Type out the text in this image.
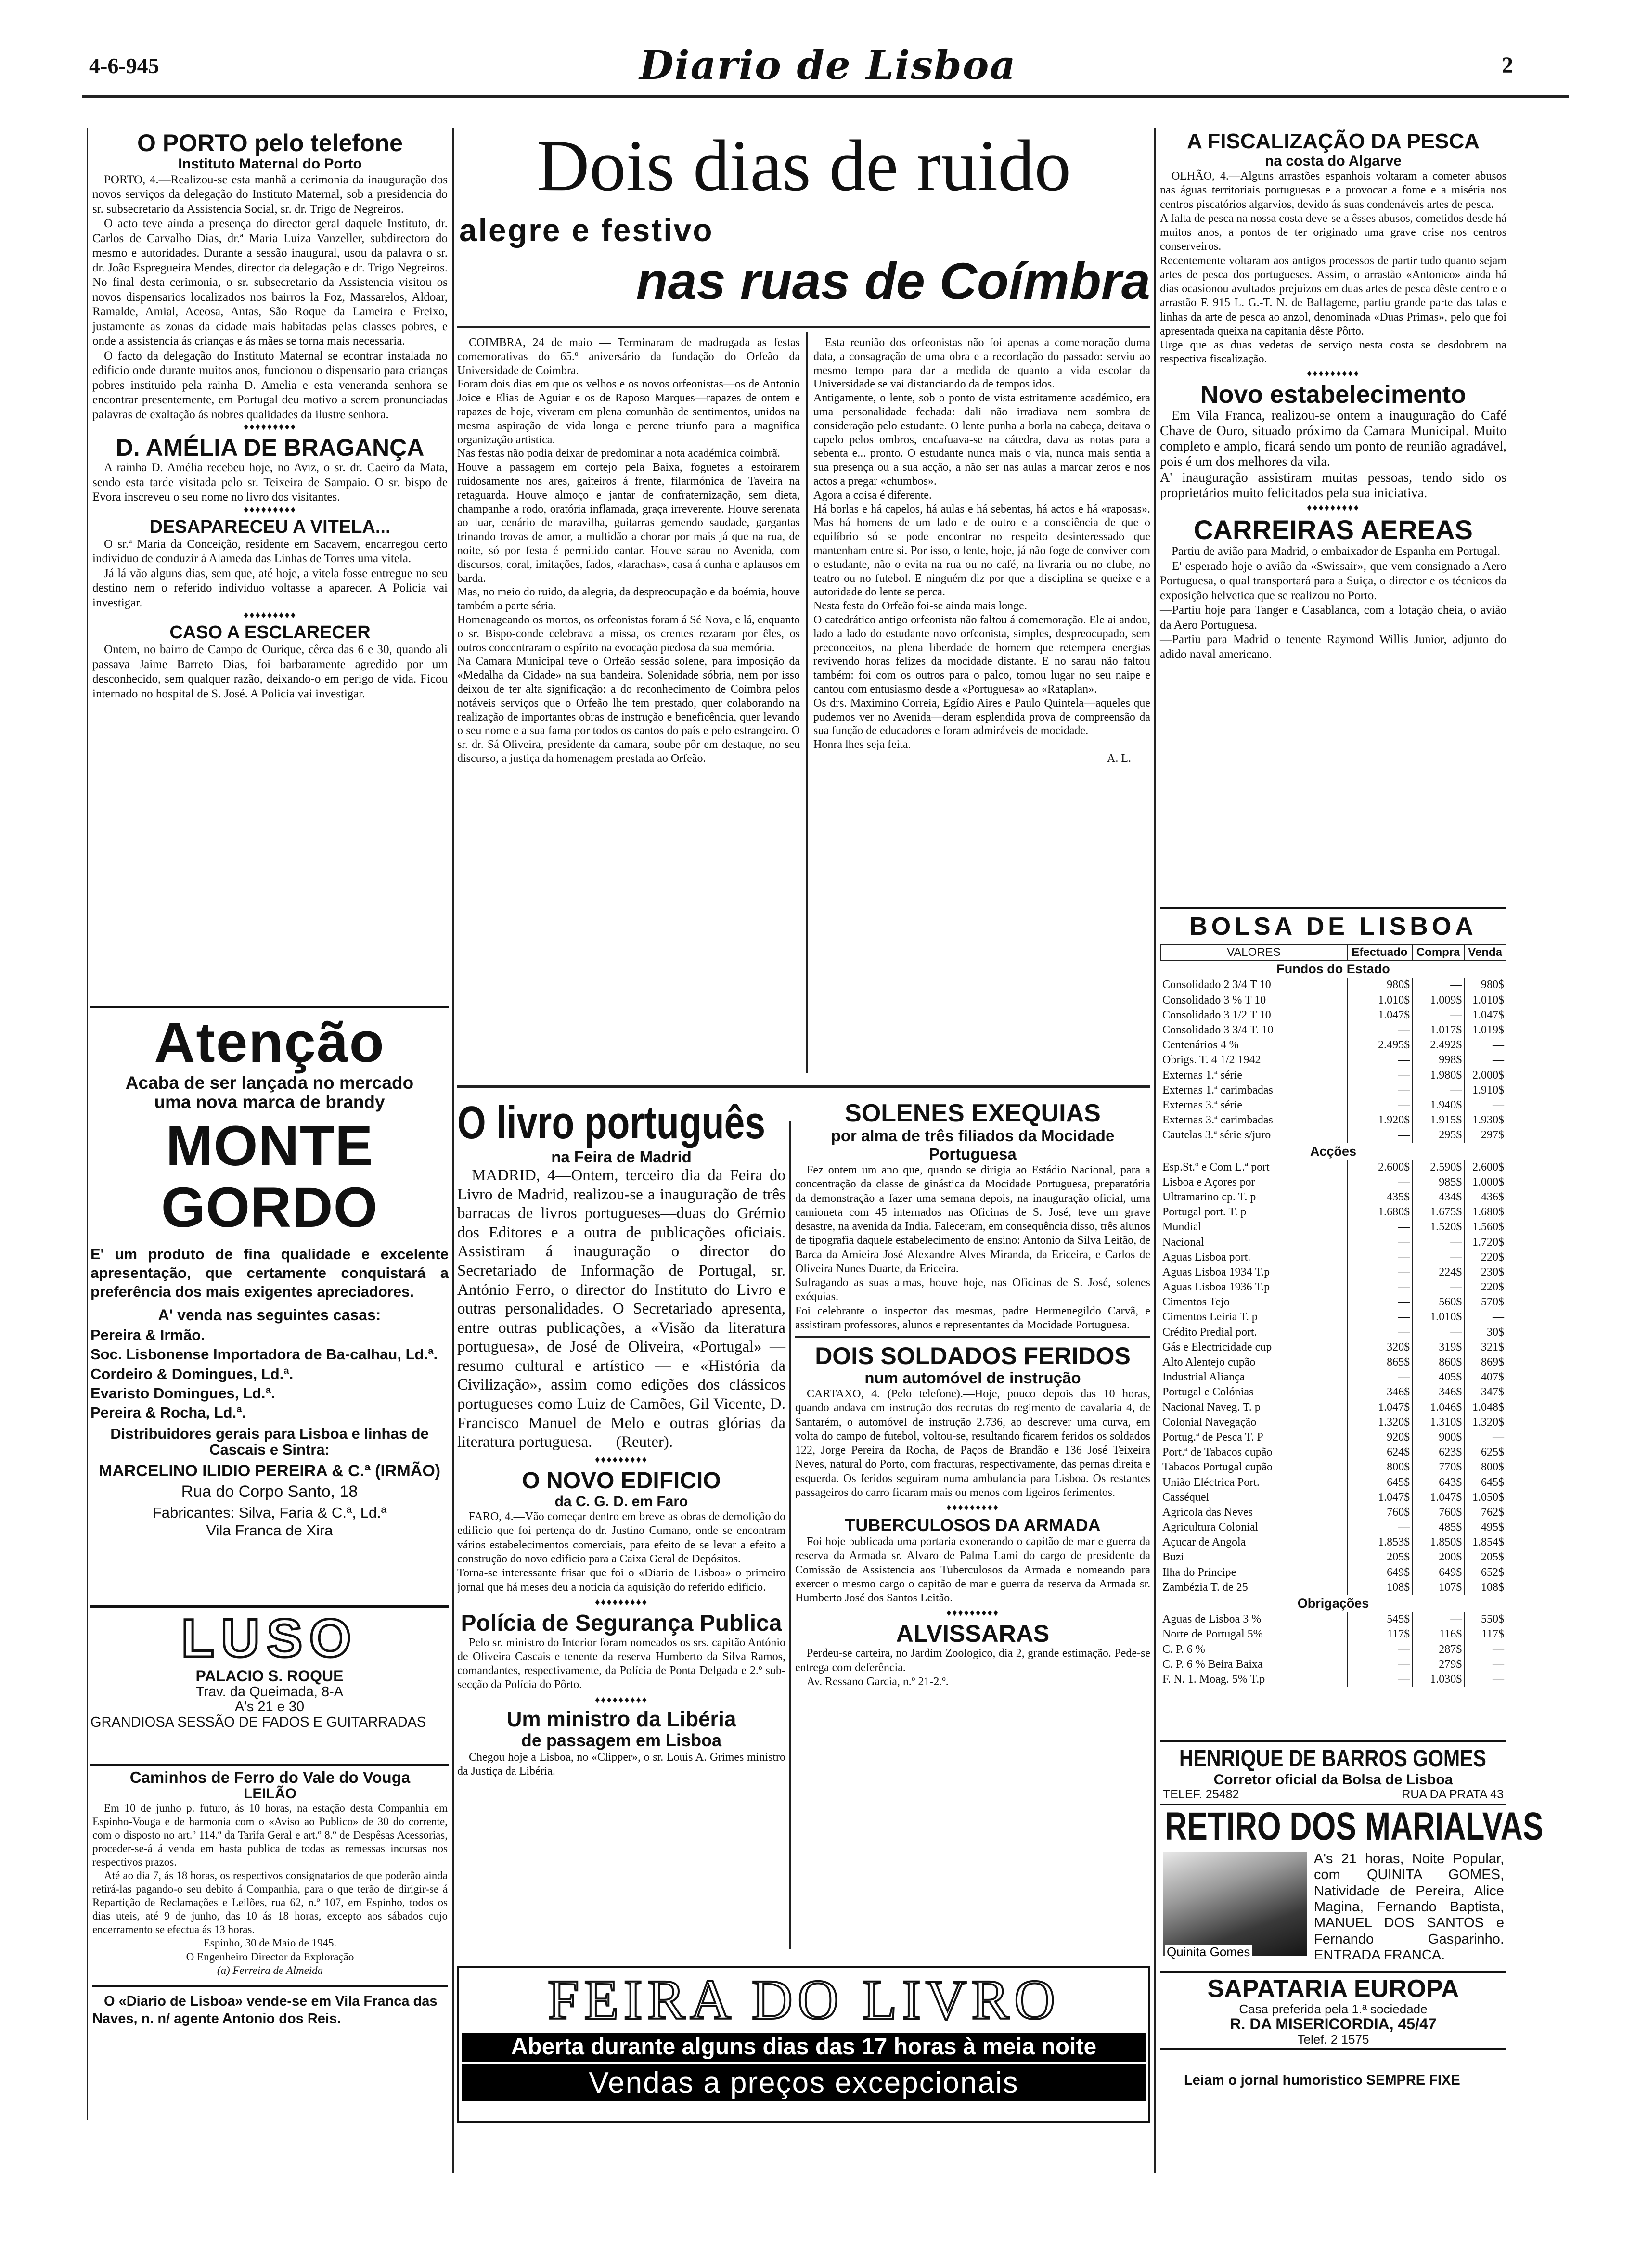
4-6-945	Diario de Lisboa	2
O PORTO pelo telefone
Instituto Maternal do Porto
PORTO, 4.—Realizou-se esta manhã a cerimonia da inauguração dos novos serviços da delegação do Instituto Maternal, sob a presidencia do sr. subsecretario da Assistencia Social, sr. dr. Trigo de Negreiros.
O acto teve ainda a presença do director geral daquele Instituto, dr. Carlos de Carvalho Dias, dr.ª Maria Luiza Vanzeller, subdirectora do mesmo e autoridades. Durante a sessão inaugural, usou da palavra o sr. dr. João Espregueira Mendes, director da delegação e dr. Trigo Negreiros. No final desta cerimonia, o sr. subsecretario da Assistencia visitou os novos dispensarios localizados nos bairros la Foz, Massarelos, Aldoar, Ramalde, Amial, Aceosa, Antas, São Roque da Lameira e Freixo, justamente as zonas da cidade mais habitadas pelas classes pobres, e onde a assistencia ás crianças e ás mães se torna mais necessaria.
O facto da delegação do Instituto Maternal se econtrar instalada no edificio onde durante muitos anos, funcionou o dispensario para crianças pobres instituido pela rainha D. Amelia e esta veneranda senhora se encontrar presentemente, em Portugal deu motivo a serem pronunciadas palavras de exaltação ás nobres qualidades da ilustre senhora.
♦♦♦♦♦♦♦♦♦
D. AMÉLIA DE BRAGANÇA
A rainha D. Amélia recebeu hoje, no Aviz, o sr. dr. Caeiro da Mata, sendo esta tarde visitada pelo sr. Teixeira de Sampaio. O sr. bispo de Evora inscreveu o seu nome no livro dos visitantes.
♦♦♦♦♦♦♦♦♦
DESAPARECEU A VITELA...
O sr.ª Maria da Conceição, residente em Sacavem, encarregou certo individuo de conduzir á Alameda das Linhas de Torres uma vitela.
Já lá vão alguns dias, sem que, até hoje, a vitela fosse entregue no seu destino nem o referido individuo voltasse a aparecer. A Policia vai investigar.
♦♦♦♦♦♦♦♦♦
CASO A ESCLARECER
Ontem, no bairro de Campo de Ourique, cêrca das 6 e 30, quando ali passava Jaime Barreto Dias, foi barbaramente agredido por um desconhecido, sem qualquer razão, deixando-o em perigo de vida. Ficou internado no hospital de S. José. A Policia vai investigar.
Atenção
Acaba de ser lançada no mercado
uma nova marca de brandy
MONTE GORDO
E' um produto de fina qualidade e excelente apresentação, que certamente conquistará a preferência dos mais exigentes apreciadores.
A' venda nas seguintes casas:
Pereira & Irmão.
Soc. Lisbonense Importadora de Ba-calhau, Ld.ª.
Cordeiro & Domingues, Ld.ª.
Evaristo Domingues, Ld.ª.
Pereira & Rocha, Ld.ª.
Distribuidores gerais para Lisboa e linhas de Cascais e Sintra:
MARCELINO ILIDIO PEREIRA & C.ª (IRMÃO)
Rua do Corpo Santo, 18
Fabricantes: Silva, Faria & C.ª, Ld.ª
Vila Franca de Xira
LUSO
PALACIO S. ROQUE
Trav. da Queimada, 8-A
A's 21 e 30
GRANDIOSA SESSÃO DE FADOS E GUITARRADAS
Caminhos de Ferro do Vale do Vouga
LEILÃO
Em 10 de junho p. futuro, ás 10 horas, na estação desta Companhia em Espinho-Vouga e de harmonia com o «Aviso ao Publico» de 30 do corrente, com o disposto no art.º 114.º da Tarifa Geral e art.º 8.º de Despêsas Acessorias, proceder-se-á á venda em hasta publica de todas as remessas incursas nos respectivos prazos.
Até ao dia 7, ás 18 horas, os respectivos consignatarios de que poderão ainda retirá-las pagando-o seu debito á Companhia, para o que terão de dirigir-se á Repartição de Reclamações e Leilões, rua 62, n.º 107, em Espinho, todos os dias uteis, até 9 de junho, das 10 ás 18 horas, excepto aos sábados cujo encerramento se efectua ás 13 horas.
Espinho, 30 de Maio de 1945.
O Engenheiro Director da Exploração
(a) Ferreira de Almeida
O «Diario de Lisboa» vende-se em Vila Franca das Naves, n. n/ agente Antonio dos Reis.
Dois dias de ruido
alegre e festivo
nas ruas de Coímbra
COIMBRA, 24 de maio — Terminaram de madrugada as festas comemorativas do 65.º aniversário da fundação do Orfeão da Universidade de Coimbra.
Foram dois dias em que os velhos e os novos orfeonistas—os de Antonio Joice e Elias de Aguiar e os de Raposo Marques—rapazes de ontem e rapazes de hoje, viveram em plena comunhão de sentimentos, unidos na mesma aspiração de vida longa e perene triunfo para a magnifica organização artistica.
Nas festas não podia deixar de predominar a nota académica coimbrã.
Houve a passagem em cortejo pela Baixa, foguetes a estoirarem ruidosamente nos ares, gaiteiros á frente, filarmónica de Taveira na retaguarda. Houve almoço e jantar de confraternização, sem dieta, champanhe a rodo, oratória inflamada, graça irreverente. Houve serenata ao luar, cenário de maravilha, guitarras gemendo saudade, gargantas trinando trovas de amor, a multidão a chorar por mais já que na rua, de noite, só por festa é permitido cantar. Houve sarau no Avenida, com discursos, coral, imitações, fados, «larachas», casa á cunha e aplausos em barda.
Mas, no meio do ruido, da alegria, da despreocupação e da boémia, houve também a parte séria.
Homenageando os mortos, os orfeonistas foram á Sé Nova, e lá, enquanto o sr. Bispo-conde celebrava a missa, os crentes rezaram por êles, os outros concentraram o espírito na evocação piedosa da sua memória.
Na Camara Municipal teve o Orfeão sessão solene, para imposição da «Medalha da Cidade» na sua bandeira. Solenidade sóbria, nem por isso deixou de ter alta significação: a do reconhecimento de Coimbra pelos notáveis serviços que o Orfeão lhe tem prestado, quer colaborando na realização de importantes obras de instrução e beneficência, quer levando o seu nome e a sua fama por todos os cantos do país e pelo estrangeiro. O sr. dr. Sá Oliveira, presidente da camara, soube pôr em destaque, no seu discurso, a justiça da homenagem prestada ao Orfeão.
Esta reunião dos orfeonistas não foi apenas a comemoração duma data, a consagração de uma obra e a recordação do passado: serviu ao mesmo tempo para dar a medida de quanto a vida escolar da Universidade se vai distanciando da de tempos idos.
Antigamente, o lente, sob o ponto de vista estritamente académico, era uma personalidade fechada: dali não irradiava nem sombra de consideração pelo estudante. O lente punha a borla na cabeça, deitava o capelo pelos ombros, encafuava-se na cátedra, dava as notas para a sebenta e... pronto. O estudante nunca mais o via, nunca mais sentia a sua presença ou a sua acção, a não ser nas aulas a marcar zeros e nos actos a pregar «chumbos».
Agora a coisa é diferente.
Há borlas e há capelos, há aulas e há sebentas, há actos e há «raposas». Mas há homens de um lado e de outro e a consciência de que o equilíbrio só se pode encontrar no respeito desinteressado que mantenham entre si. Por isso, o lente, hoje, já não foge de conviver com o estudante, não o evita na rua ou no café, na livraria ou no clube, no teatro ou no futebol. E ninguém diz por que a disciplina se queixe e a autoridade do lente se perca.
Nesta festa do Orfeão foi-se ainda mais longe.
O catedrático antigo orfeonista não faltou á comemoração. Ele ai andou, lado a lado do estudante novo orfeonista, simples, despreocupado, sem preconceitos, na plena liberdade de homem que retempera energias revivendo horas felizes da mocidade distante. E no sarau não faltou também: foi com os outros para o palco, tomou lugar no seu naipe e cantou com entusiasmo desde a «Portuguesa» ao «Rataplan».
Os drs. Maximino Correia, Egídio Aires e Paulo Quintela—aqueles que pudemos ver no Avenida—deram esplendida prova de compreensão da sua função de educadores e foram admiráveis de mocidade.
Honra lhes seja feita.
A. L.
O livro português
na Feira de Madrid
MADRID, 4—Ontem, terceiro dia da Feira do Livro de Madrid, realizou-se a inauguração de três barracas de livros portugueses—duas do Grémio dos Editores e a outra de publicações oficiais. Assistiram á inauguração o director do Secretariado de Informação de Portugal, sr. António Ferro, o director do Instituto do Livro e outras personalidades. O Secretariado apresenta, entre outras publicações, a «Visão da literatura portuguesa», de José de Oliveira, «Portugal» — resumo cultural e artístico — e «História da Civilização», assim como edições dos clássicos portugueses como Luiz de Camões, Gil Vicente, D. Francisco Manuel de Melo e outras glórias da literatura portuguesa. — (Reuter).
♦♦♦♦♦♦♦♦♦
O NOVO EDIFICIO
da C. G. D. em Faro
FARO, 4.—Vão começar dentro em breve as obras de demolição do edificio que foi pertença do dr. Justino Cumano, onde se encontram vários estabelecimentos comerciais, para efeito de se levar a efeito a construção do novo edificio para a Caixa Geral de Depósitos.
Torna-se interessante frisar que foi o «Diario de Lisboa» o primeiro jornal que há meses deu a noticia da aquisição do referido edificio.
♦♦♦♦♦♦♦♦♦
Polícia de Segurança Publica
Pelo sr. ministro do Interior foram nomeados os srs. capitão António de Oliveira Cascais e tenente da reserva Humberto da Silva Ramos, comandantes, respectivamente, da Polícia de Ponta Delgada e 2.º sub-secção da Polícia do Pôrto.
♦♦♦♦♦♦♦♦♦
Um ministro da Libéria
de passagem em Lisboa
Chegou hoje a Lisboa, no «Clipper», o sr. Louis A. Grimes ministro da Justiça da Libéria.
SOLENES EXEQUIAS
por alma de três filiados da Mocidade Portuguesa
Fez ontem um ano que, quando se dirigia ao Estádio Nacional, para a concentração da classe de ginástica da Mocidade Portuguesa, preparatória da demonstração a fazer uma semana depois, na inauguração oficial, uma camioneta com 45 internados nas Oficinas de S. José, teve um grave desastre, na avenida da India. Faleceram, em consequência disso, três alunos de tipografia daquele estabelecimento de ensino: Antonio da Silva Leitão, de Barca da Amieira José Alexandre Alves Miranda, da Ericeira, e Carlos de Oliveira Nunes Duarte, da Ericeira.
Sufragando as suas almas, houve hoje, nas Oficinas de S. José, solenes exéquias.
Foi celebrante o inspector das mesmas, padre Hermenegildo Carvã, e assistiram professores, alunos e representantes da Mocidade Portuguesa.
DOIS SOLDADOS FERIDOS
num automóvel de instrução
CARTAXO, 4. (Pelo telefone).—Hoje, pouco depois das 10 horas, quando andava em instrução dos recrutas do regimento de cavalaria 4, de Santarém, o automóvel de instrução 2.736, ao descrever uma curva, em volta do campo de futebol, voltou-se, resultando ficarem feridos os soldados 122, Jorge Pereira da Rocha, de Paços de Brandão e 136 José Teixeira Neves, natural do Porto, com fracturas, respectivamente, das pernas direita e esquerda. Os feridos seguiram numa ambulancia para Lisboa. Os restantes passageiros do carro ficaram mais ou menos com ligeiros ferimentos.
♦♦♦♦♦♦♦♦♦
TUBERCULOSOS DA ARMADA
Foi hoje publicada uma portaria exonerando o capitão de mar e guerra da reserva da Armada sr. Alvaro de Palma Lami do cargo de presidente da Comissão de Assistencia aos Tuberculosos da Armada e nomeando para exercer o mesmo cargo o capitão de mar e guerra da reserva da Armada sr. Humberto José dos Santos Leitão.
♦♦♦♦♦♦♦♦♦
ALVISSARAS
Perdeu-se carteira, no Jardim Zoologico, dia 2, grande estimação. Pede-se entrega com deferência.
Av. Ressano Garcia, n.º 21-2.º.
FEIRA DO LIVRO
Aberta durante alguns dias das 17 horas à meia noite
Vendas a preços excepcionais
A FISCALIZAÇÃO DA PESCA
na costa do Algarve
OLHÃO, 4.—Alguns arrastões espanhois voltaram a cometer abusos nas águas territoriais portuguesas e a provocar a fome e a miséria nos centros piscatórios algarvios, devido ás suas condenáveis artes de pesca.
A falta de pesca na nossa costa deve-se a êsses abusos, cometidos desde há muitos anos, a pontos de ter originado uma grave crise nos centros conserveiros.
Recentemente voltaram aos antigos processos de partir tudo quanto sejam artes de pesca dos portugueses. Assim, o arrastão «Antonico» ainda há dias ocasionou avultados prejuizos em duas artes de pesca dêste centro e o arrastão F. 915 L. G.-T. N. de Balfageme, partiu grande parte das talas e linhas da arte de pesca ao anzol, denominada «Duas Primas», pelo que foi apresentada queixa na capitania dêste Pôrto.
Urge que as duas vedetas de serviço nesta costa se desdobrem na respectiva fiscalização.
♦♦♦♦♦♦♦♦♦
Novo estabelecimento
Em Vila Franca, realizou-se ontem a inauguração do Café Chave de Ouro, situado próximo da Camara Municipal. Muito completo e amplo, ficará sendo um ponto de reunião agradável, pois é um dos melhores da vila.
A' inauguração assistiram muitas pessoas, tendo sido os proprietários muito felicitados pela sua iniciativa.
♦♦♦♦♦♦♦♦♦
CARREIRAS AEREAS
Partiu de avião para Madrid, o embaixador de Espanha em Portugal.
—E' esperado hoje o avião da «Swissair», que vem consignado a Aero Portuguesa, o qual transportará para a Suiça, o director e os técnicos da exposição helvetica que se realizou no Porto.
—Partiu hoje para Tanger e Casablanca, com a lotação cheia, o avião da Aero Portuguesa.
—Partiu para Madrid o tenente Raymond Willis Junior, adjunto do adido naval americano.
BOLSA DE LISBOA
VALORES	Efectuado	Compra	Venda
Fundos do Estado			
Consolidado 2 3/4 T 10	980$	—	980$
Consolidado 3 % T 10	1.010$	1.009$	1.010$
Consolidado 3 1/2 T 10	1.047$	—	1.047$
Consolidado 3 3/4 T. 10	—	1.017$	1.019$
Centenários 4 %	2.495$	2.492$	—
Obrigs. T. 4 1/2 1942	—	998$	—
Externas 1.ª série	—	1.980$	2.000$
Externas 1.ª carimbadas	—	—	1.910$
Externas 3.ª série	—	1.940$	—
Externas 3.ª carimbadas	1.920$	1.915$	1.930$
Cautelas 3.ª série s/juro	—	295$	297$
Acções			
Esp.St.º e Com L.ª port	2.600$	2.590$	2.600$
Lisboa e Açores por	—	985$	1.000$
Ultramarino cp. T. p	435$	434$	436$
Portugal port. T. p	1.680$	1.675$	1.680$
Mundial	—	1.520$	1.560$
Nacional	—	—	1.720$
Aguas Lisboa port.	—	—	220$
Aguas Lisboa 1934 T.p	—	224$	230$
Aguas Lisboa 1936 T.p	—	—	220$
Cimentos Tejo	—	560$	570$
Cimentos Leiria T. p	—	1.010$	—
Crédito Predial port.	—	—	30$
Gás e Electricidade cup	320$	319$	321$
Alto Alentejo cupão	865$	860$	869$
Industrial Aliança	—	405$	407$
Portugal e Colónias	346$	346$	347$
Nacional Naveg. T. p	1.047$	1.046$	1.048$
Colonial Navegação	1.320$	1.310$	1.320$
Portug.ª de Pesca T. P	920$	900$	—
Port.ª de Tabacos cupão	624$	623$	625$
Tabacos Portugal cupão	800$	770$	800$
União Eléctrica Port.	645$	643$	645$
Casséquel	1.047$	1.047$	1.050$
Agrícola das Neves	760$	760$	762$
Agricultura Colonial	—	485$	495$
Açucar de Angola	1.853$	1.850$	1.854$
Buzi	205$	200$	205$
Ilha do Príncipe	649$	649$	652$
Zambézia T. de 25	108$	107$	108$
Obrigações			
Aguas de Lisboa 3 %	545$	—	550$
Norte de Portugal 5%	117$	116$	117$
C. P. 6 %	—	287$	—
C. P. 6 % Beira Baixa	—	279$	—
F. N. 1. Moag. 5% T.p	—	1.030$	—
HENRIQUE DE BARROS GOMES
Corretor oficial da Bolsa de Lisboa
TELEF. 25482	RUA DA PRATA 43
RETIRO DOS MARIALVAS
Quinita Gomes
A's 21 horas, Noite Popular, com QUINITA GOMES, Natividade de Pereira, Alice Magina, Fernando Baptista, MANUEL DOS SANTOS e Fernando Gasparinho. ENTRADA FRANCA.
SAPATARIA EUROPA
Casa preferida pela 1.ª sociedade
R. DA MISERICORDIA, 45/47
Telef. 2 1575
Leiam o jornal humoristico SEMPRE FIXE
